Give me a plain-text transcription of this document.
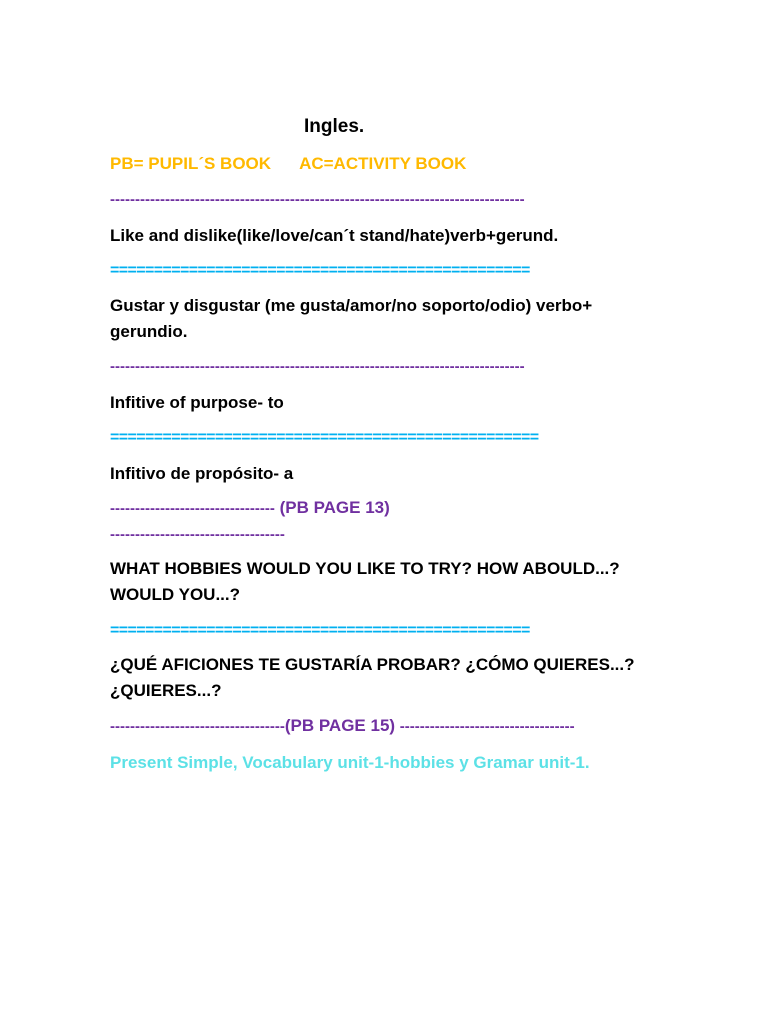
Ingles.
PB= PUPIL´S BOOK AC=ACTIVITY BOOK
-----------------------------------------------------------------------------------
Like and dislike(like/love/can´t stand/hate)verb+gerund.
================================================
Gustar y disgustar (me gusta/amor/no soporto/odio) verbo+
gerundio.
-----------------------------------------------------------------------------------
Infitive of purpose- to
=================================================
Infitivo de propósito- a
--------------------------------- (PB PAGE 13)
-----------------------------------
WHAT HOBBIES WOULD YOU LIKE TO TRY? HOW ABOULD...?
WOULD YOU...?
================================================
¿QUÉ AFICIONES TE GUSTARÍA PROBAR? ¿CÓMO QUIERES...?
¿QUIERES...?
-----------------------------------(PB PAGE 15) -----------------------------------
Present Simple, Vocabulary unit-1-hobbies y Gramar unit-1.
